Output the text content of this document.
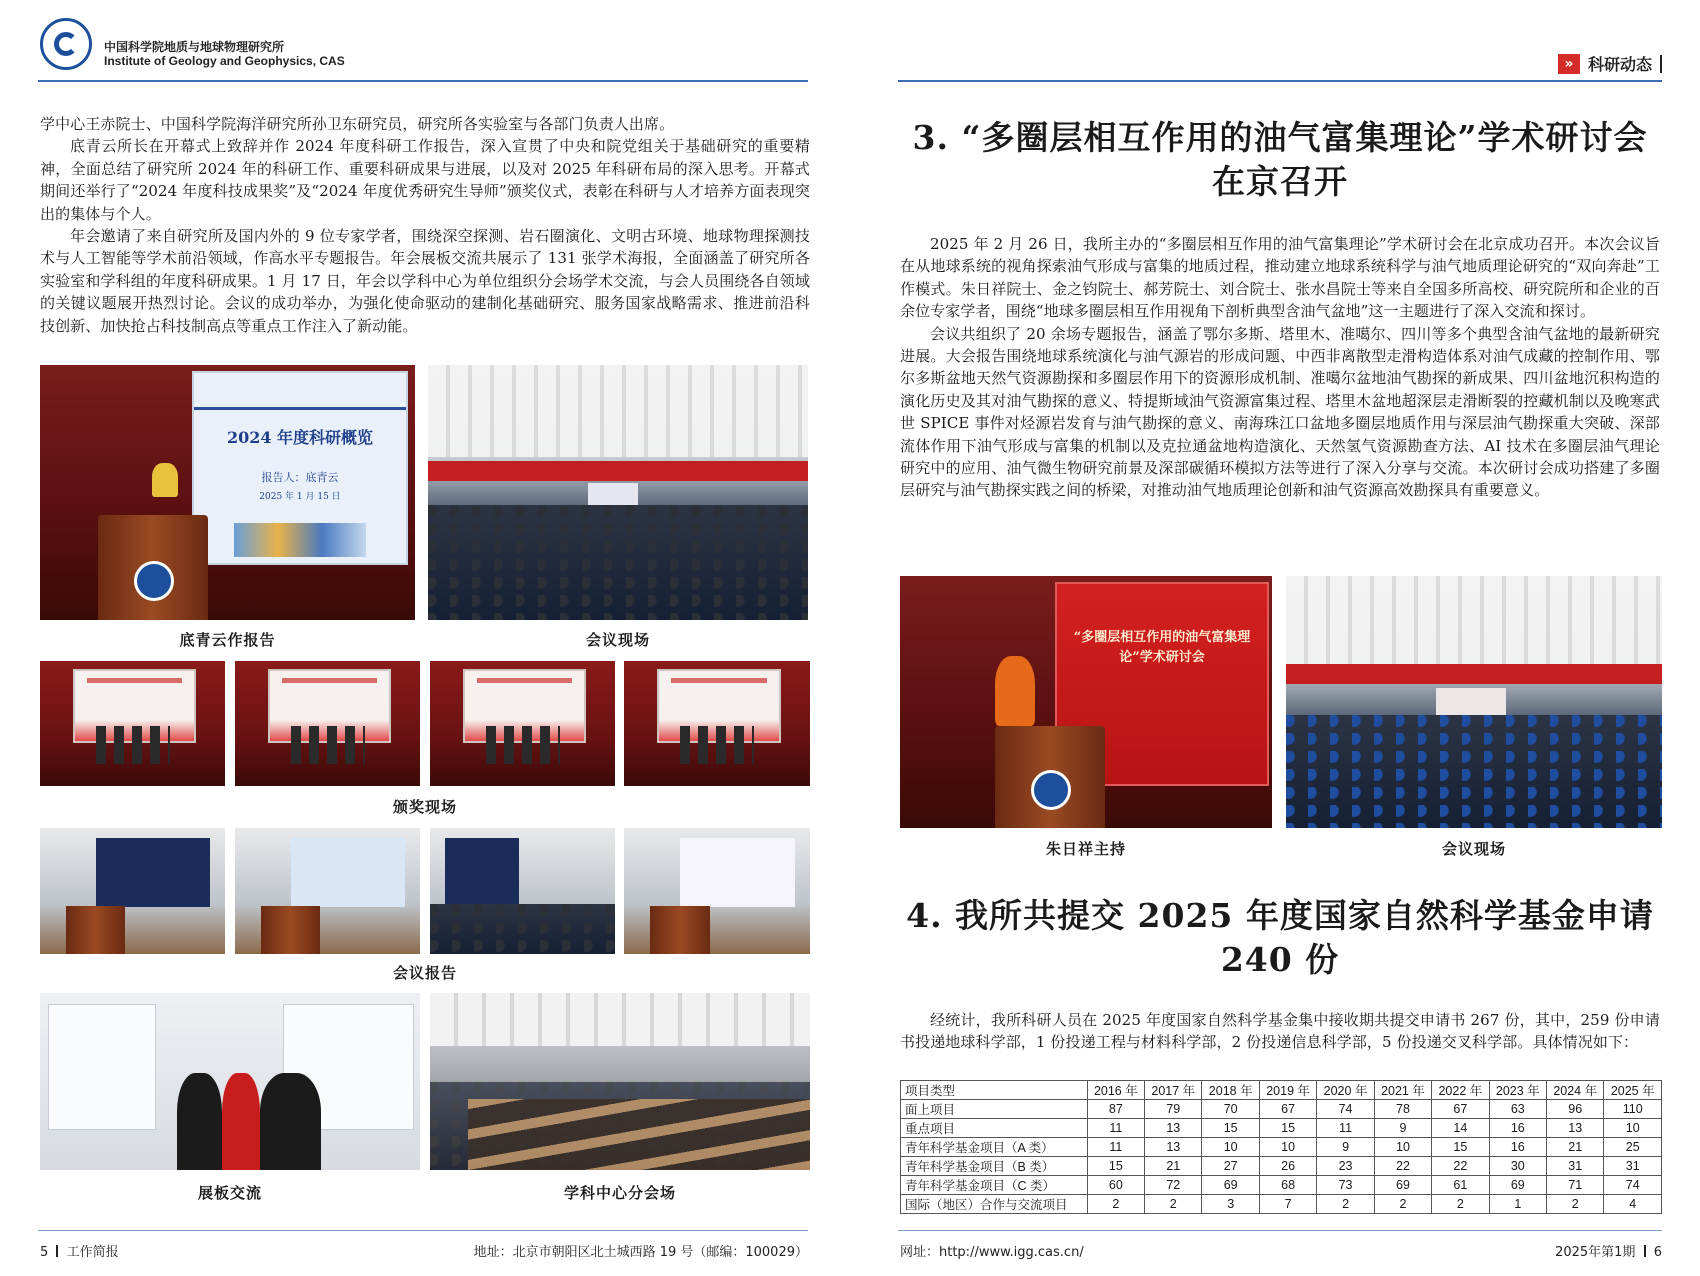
中国科学院地质与地球物理研究所
Institute of Geology and Geophysics, CAS

学中心王赤院士、中国科学院海洋研究所孙卫东研究员，研究所各实验室与各部门负责人出席。

底青云所长在开幕式上致辞并作 2024 年度科研工作报告，深入宣贯了中央和院党组关于基础研究的重要精神，全面总结了研究所 2024 年的科研工作、重要科研成果与进展，以及对 2025 年科研布局的深入思考。开幕式期间还举行了“2024 年度科技成果奖”及“2024 年度优秀研究生导师”颁奖仪式，表彰在科研与人才培养方面表现突出的集体与个人。

年会邀请了来自研究所及国内外的 9 位专家学者，围绕深空探测、岩石圈演化、文明古环境、地球物理探测技术与人工智能等学术前沿领域，作高水平专题报告。年会展板交流共展示了 131 张学术海报，全面涵盖了研究所各实验室和学科组的年度科研成果。1 月 17 日，年会以学科中心为单位组织分会场学术交流，与会人员围绕各自领域的关键议题展开热烈讨论。会议的成功举办，为强化使命驱动的建制化基础研究、服务国家战略需求、推进前沿科技创新、加快抢占科技制高点等重点工作注入了新动能。

2024 年度科研概览
报告人：底青云
2025 年 1 月 15 日
底青云作报告	会议现场
颁奖现场
会议报告
展板交流	学科中心分会场
5 工作简报	地址：北京市朝阳区北土城西路 19 号（邮编：100029）
» 科研动态
3. “多圈层相互作用的油气富集理论”学术研讨会在京召开

2025 年 2 月 26 日，我所主办的“多圈层相互作用的油气富集理论”学术研讨会在北京成功召开。本次会议旨在从地球系统的视角探索油气形成与富集的地质过程，推动建立地球系统科学与油气地质理论研究的“双向奔赴”工作模式。朱日祥院士、金之钧院士、郝芳院士、刘合院士、张水昌院士等来自全国多所高校、研究院所和企业的百余位专家学者，围绕“地球多圈层相互作用视角下剖析典型含油气盆地”这一主题进行了深入交流和探讨。

会议共组织了 20 余场专题报告，涵盖了鄂尔多斯、塔里木、准噶尔、四川等多个典型含油气盆地的最新研究进展。大会报告围绕地球系统演化与油气源岩的形成问题、中西非离散型走滑构造体系对油气成藏的控制作用、鄂尔多斯盆地天然气资源勘探和多圈层作用下的资源形成机制、准噶尔盆地油气勘探的新成果、四川盆地沉积构造的演化历史及其对油气勘探的意义、特提斯域油气资源富集过程、塔里木盆地超深层走滑断裂的控藏机制以及晚寒武世 SPICE 事件对烃源岩发育与油气勘探的意义、南海珠江口盆地多圈层地质作用与深层油气勘探重大突破、深部流体作用下油气形成与富集的机制以及克拉通盆地构造演化、天然氢气资源勘查方法、AI 技术在多圈层油气理论研究中的应用、油气微生物研究前景及深部碳循环模拟方法等进行了深入分享与交流。本次研讨会成功搭建了多圈层研究与油气勘探实践之间的桥梁，对推动油气地质理论创新和油气资源高效勘探具有重要意义。

“多圈层相互作用的油气富集理论”学术研讨会
朱日祥主持	会议现场
4. 我所共提交 2025 年度国家自然科学基金申请 240 份

经统计，我所科研人员在 2025 年度国家自然科学基金集中接收期共提交申请书 267 份，其中，259 份申请书投递地球科学部，1 份投递工程与材料科学部，2 份投递信息科学部，5 份投递交叉科学部。具体情况如下：

项目类型	2016 年	2017 年	2018 年	2019 年	2020 年	2021 年	2022 年	2023 年	2024 年	2025 年
面上项目	87	79	70	67	74	78	67	63	96	110
重点项目	11	13	15	15	11	9	14	16	13	10
青年科学基金项目（A 类）	11	13	10	10	9	10	15	16	21	25
青年科学基金项目（B 类）	15	21	27	26	23	22	22	30	31	31
青年科学基金项目（C 类）	60	72	69	68	73	69	61	69	71	74
国际（地区）合作与交流项目	2	2	3	7	2	2	2	1	2	4
网址：http://www.igg.cas.cn/	2025年第1期 6
